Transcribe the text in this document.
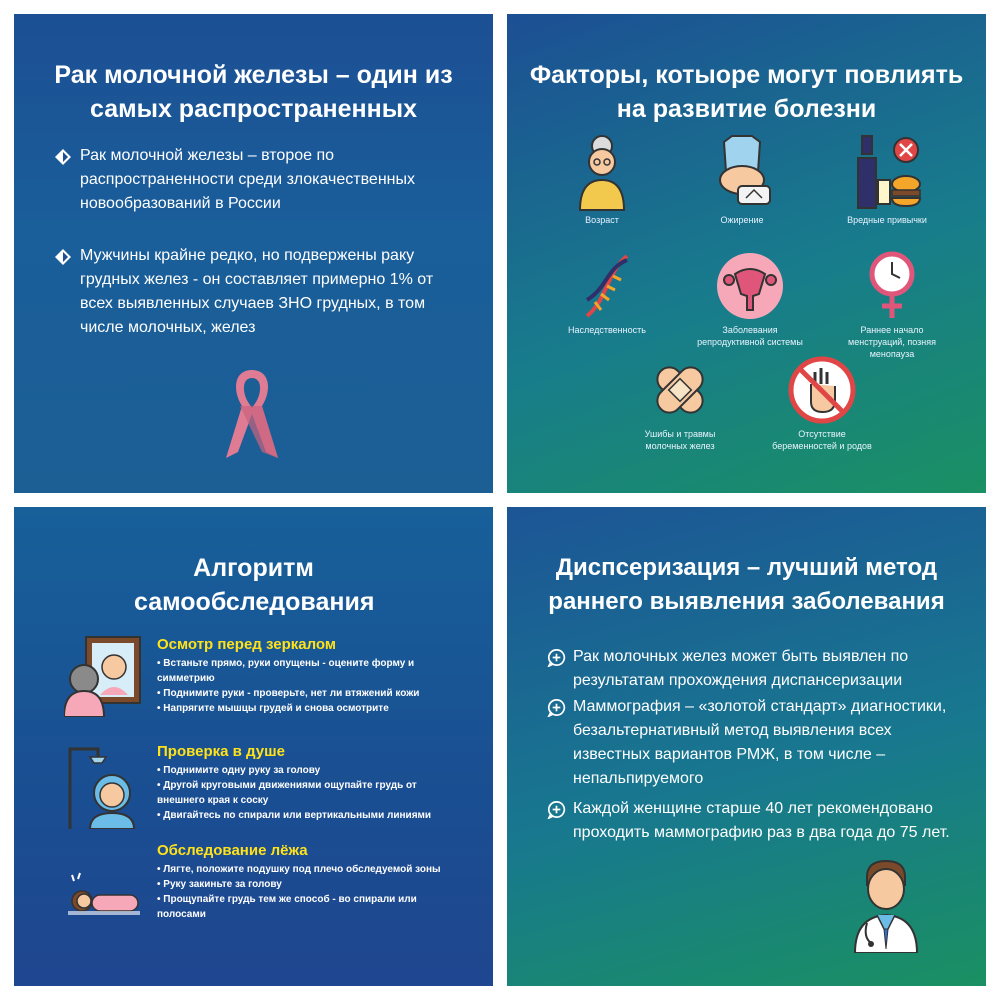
Рак молочной железы – один из самых распространенных
Рак молочной железы – второе по распространенности среди злокачественных новообразований в России
Мужчины крайне редко, но подвержены раку грудных желез - он составляет примерно 1% от всех выявленных случаев ЗНО грудных, в том числе молочных, желез
Факторы, котыоре могут повлиять на развитие болезни
Возраст	Ожирение	Вредные привычки
Наследственность	Заболевания репродуктивной системы
Раннее начало менструаций, позняя менопауза
Ушибы и травмы молочных желез
Отсутствие беременностей и родов
Алгоритм самообследования
Осмотр перед зеркалом
• Встаньте прямо, руки опущены - оцените форму и симметрию
• Поднимите руки - проверьте, нет ли втяжений кожи
• Напрягите мышцы грудей и снова осмотрите
Проверка в душе
• Поднимите одну руку за голову
• Другой круговыми движениями ощупайте грудь от внешнего края к соску
• Двигайтесь по спирали или вертикальными линиями
Обследование лёжа
• Лягте, положите подушку под плечо обследуемой зоны
• Руку закиньте за голову
• Прощупайте грудь тем же способ - во спирали или полосами
Диспсеризация – лучший метод раннего выявления заболевания
Рак молочных желез может быть выявлен по результатам прохождения диспансеризации
Маммография – «золотой стандарт» диагностики, безальтернативный метод выявления всех известных вариантов РМЖ, в том числе – непальпируемого
Каждой женщине старше 40 лет рекомендовано проходить маммографию раз в два года до 75 лет.
